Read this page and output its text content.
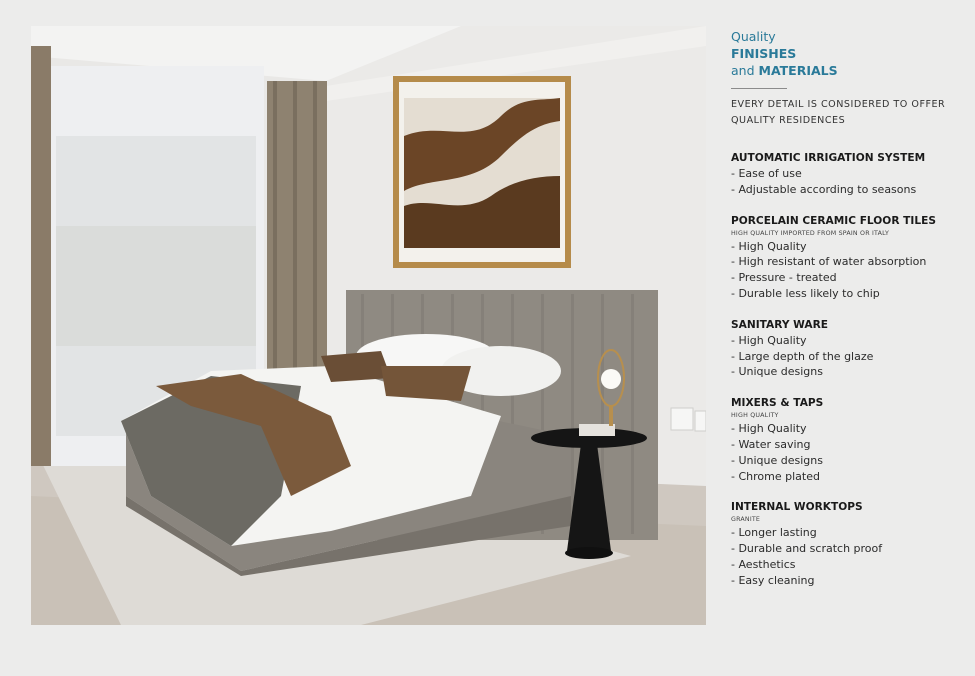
Quality
FINISHES
and MATERIALS
EVERY DETAIL IS CONSIDERED TO OFFER
QUALITY RESIDENCES
AUTOMATIC IRRIGATION SYSTEM
- Ease of use
- Adjustable according to seasons
PORCELAIN CERAMIC FLOOR TILES
HIGH QUALITY IMPORTED FROM SPAIN OR ITALY
- High Quality
- High resistant of water absorption
- Pressure - treated
- Durable less likely to chip
SANITARY WARE
- High Quality
- Large depth of the glaze
- Unique designs
MIXERS & TAPS
HIGH QUALITY
- High Quality
- Water saving
- Unique designs
- Chrome plated
INTERNAL WORKTOPS
GRANITE
- Longer lasting
- Durable and scratch proof
- Aesthetics
- Easy cleaning
